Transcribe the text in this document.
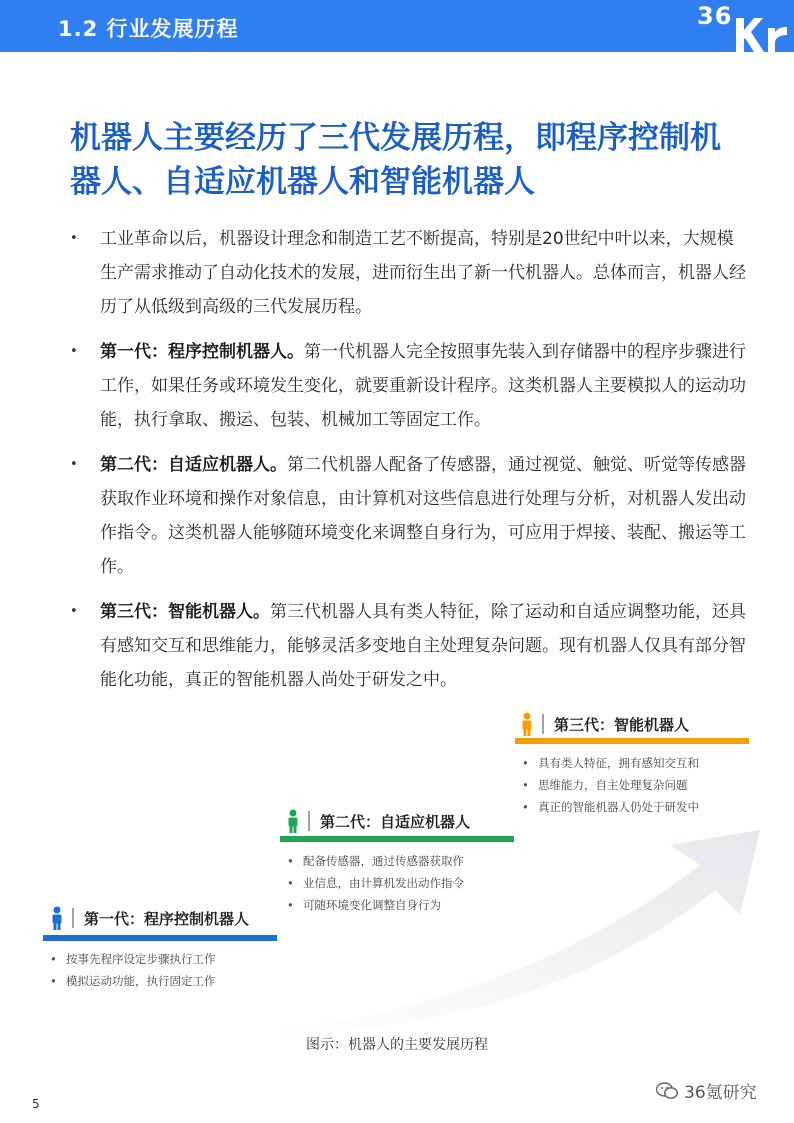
1.2 行业发展历程	36
机器人主要经历了三代发展历程，即程序控制机器人、自适应机器人和智能机器人
• 工业革命以后，机器设计理念和制造工艺不断提高，特别是20世纪中叶以来，大规模生产需求推动了自动化技术的发展，进而衍生出了新一代机器人。总体而言，机器人经历了从低级到高级的三代发展历程。
• 第一代：程序控制机器人。第一代机器人完全按照事先装入到存储器中的程序步骤进行工作，如果任务或环境发生变化，就要重新设计程序。这类机器人主要模拟人的运动功能，执行拿取、搬运、包装、机械加工等固定工作。
• 第二代：自适应机器人。第二代机器人配备了传感器，通过视觉、触觉、听觉等传感器获取作业环境和操作对象信息，由计算机对这些信息进行处理与分析，对机器人发出动作指令。这类机器人能够随环境变化来调整自身行为，可应用于焊接、装配、搬运等工作。
• 第三代：智能机器人。第三代机器人具有类人特征，除了运动和自适应调整功能，还具有感知交互和思维能力，能够灵活多变地自主处理复杂问题。现有机器人仅具有部分智能化功能，真正的智能机器人尚处于研发之中。
第三代：智能机器人
• 具有类人特征，拥有感知交互和
• 思维能力，自主处理复杂问题
• 真正的智能机器人仍处于研发中
第二代：自适应机器人
• 配备传感器，通过传感器获取作
• 业信息，由计算机发出动作指令
• 可随环境变化调整自身行为
第一代：程序控制机器人
• 按事先程序设定步骤执行工作
• 模拟运动功能，执行固定工作
图示：机器人的主要发展历程
5
36氪研究
